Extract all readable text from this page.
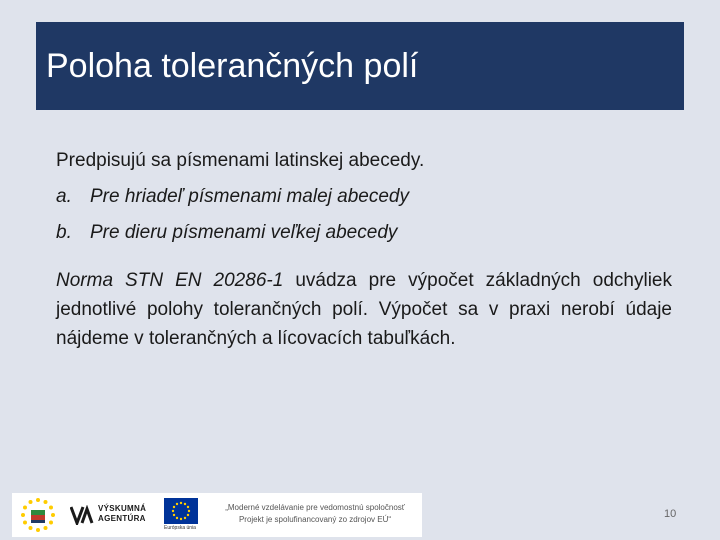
Poloha tolerančných polí

Predpisujú sa písmenami latinskej abecedy.

a. Pre hriadeľ písmenami malej abecedy
b. Pre dieru písmenami veľkej abecedy

Norma STN EN 20286-1 uvádza pre výpočet základných odchyliek jednotlivé polohy tolerančných polí. Výpočet sa v praxi nerobí údaje nájdeme v tolerančných a lícovacích tabuľkách.

VÝSKUMNÁ
AGENTÚRA
Európska únia
„Moderné vzdelávanie pre vedomostnú spoločnosť
Projekt je spolufinancovaný zo zdrojov EÚ“	10
